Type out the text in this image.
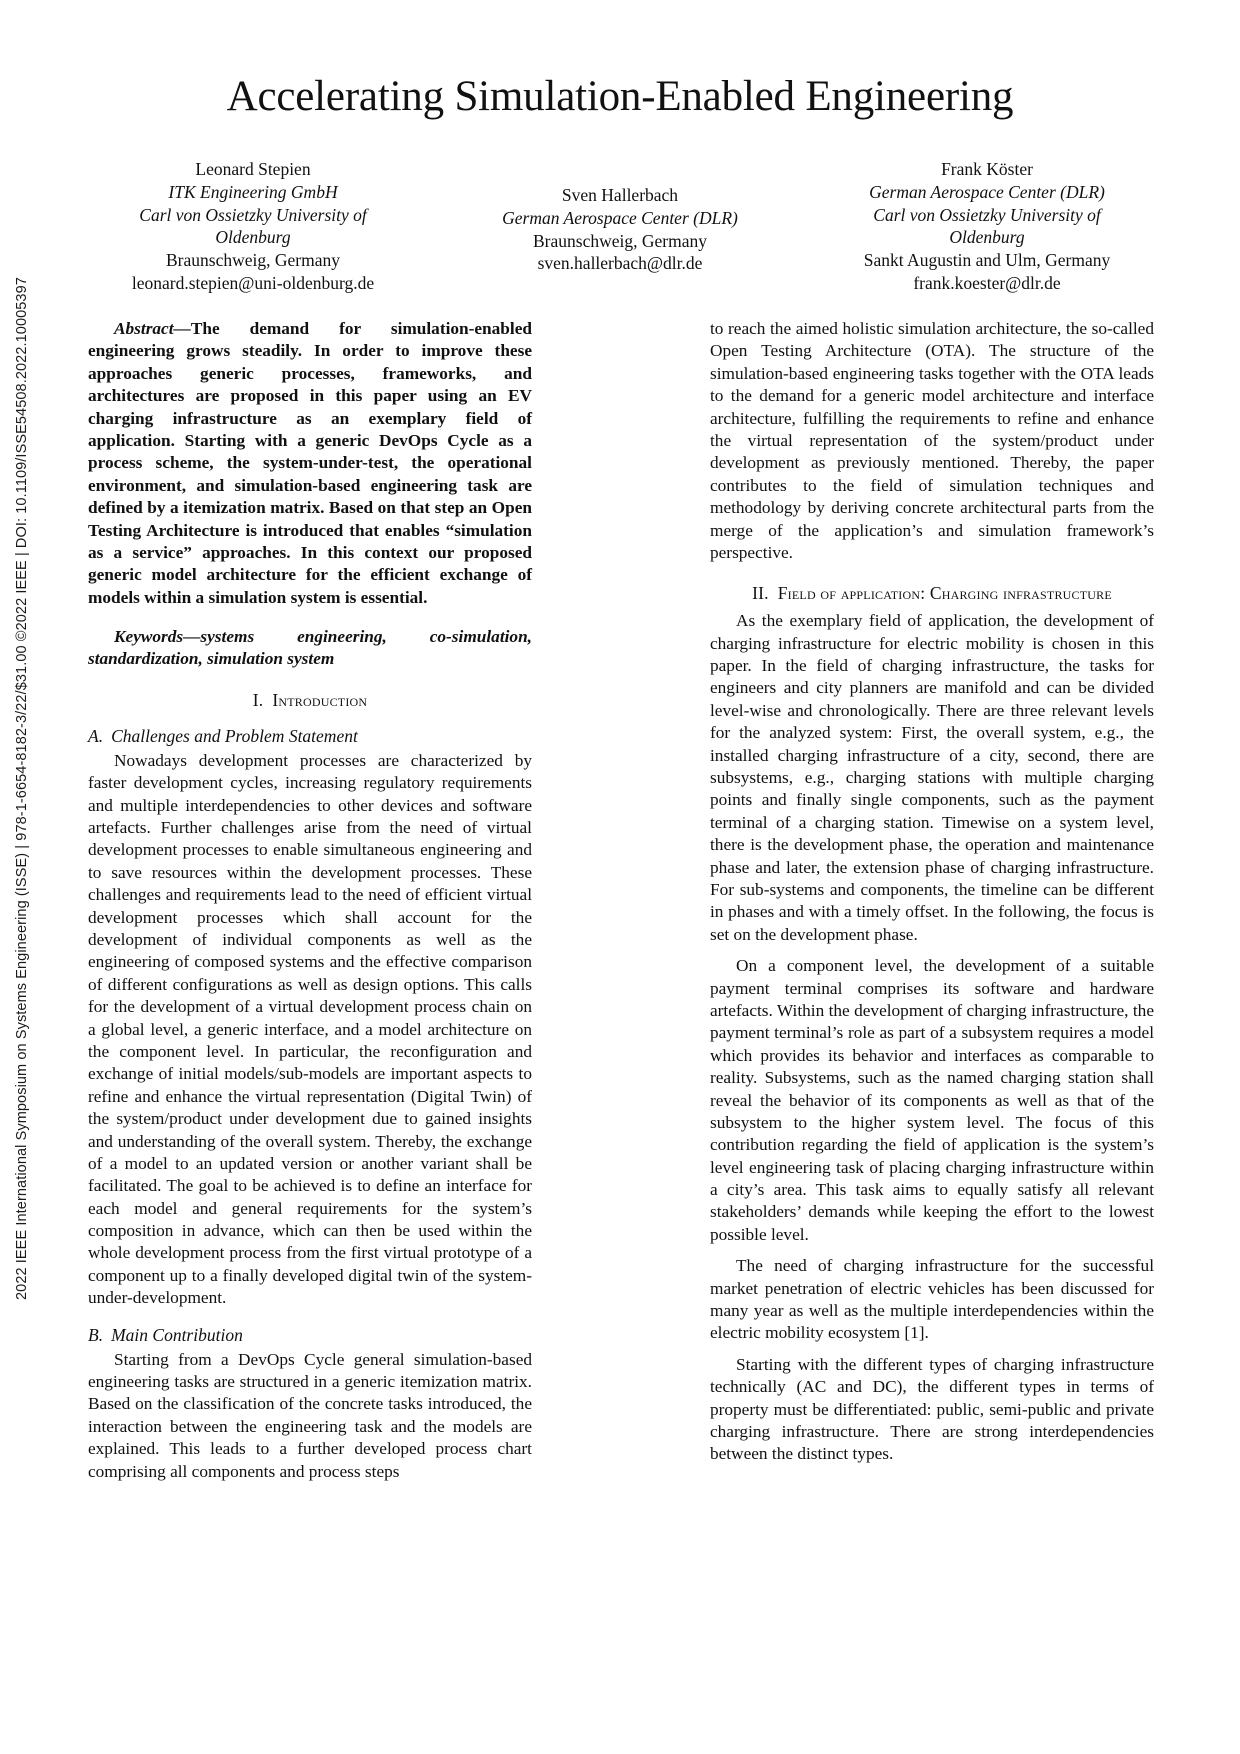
2022 IEEE International Symposium on Systems Engineering (ISSE) | 978-1-6654-8182-3/22/$31.00 ©2022 IEEE | DOI: 10.1109/ISSE54508.2022.10005397
Accelerating Simulation-Enabled Engineering
Leonard Stepien
ITK Engineering GmbH
Carl von Ossietzky University of
Oldenburg
Braunschweig, Germany
leonard.stepien@uni-oldenburg.de
Sven Hallerbach
German Aerospace Center (DLR)
Braunschweig, Germany
sven.hallerbach@dlr.de
Frank Köster
German Aerospace Center (DLR)
Carl von Ossietzky University of
Oldenburg
Sankt Augustin and Ulm, Germany
frank.koester@dlr.de

Abstract—The demand for simulation-enabled engineering grows steadily. In order to improve these approaches generic processes, frameworks, and architectures are proposed in this paper using an EV charging infrastructure as an exemplary field of application. Starting with a generic DevOps Cycle as a process scheme, the system-under-test, the operational environment, and simulation-based engineering task are defined by a itemization matrix. Based on that step an Open Testing Architecture is introduced that enables “simulation as a service” approaches. In this context our proposed generic model architecture for the efficient exchange of models within a simulation system is essential.

Keywords—systems engineering, co-simulation, standardization, simulation system

I. Introduction
A. Challenges and Problem Statement

Nowadays development processes are characterized by faster development cycles, increasing regulatory requirements and multiple interdependencies to other devices and software artefacts. Further challenges arise from the need of virtual development processes to enable simultaneous engineering and to save resources within the development processes. These challenges and requirements lead to the need of efficient virtual development processes which shall account for the development of individual components as well as the engineering of composed systems and the effective comparison of different configurations as well as design options. This calls for the development of a virtual development process chain on a global level, a generic interface, and a model architecture on the component level. In particular, the reconfiguration and exchange of initial models/sub-models are important aspects to refine and enhance the virtual representation (Digital Twin) of the system/product under development due to gained insights and understanding of the overall system. Thereby, the exchange of a model to an updated version or another variant shall be facilitated. The goal to be achieved is to define an interface for each model and general requirements for the system’s composition in advance, which can then be used within the whole development process from the first virtual prototype of a component up to a finally developed digital twin of the system-under-development.

B. Main Contribution

Starting from a DevOps Cycle general simulation-based engineering tasks are structured in a generic itemization matrix. Based on the classification of the concrete tasks introduced, the interaction between the engineering task and the models are explained. This leads to a further developed process chart comprising all components and process steps

to reach the aimed holistic simulation architecture, the so-called Open Testing Architecture (OTA). The structure of the simulation-based engineering tasks together with the OTA leads to the demand for a generic model architecture and interface architecture, fulfilling the requirements to refine and enhance the virtual representation of the system/product under development as previously mentioned. Thereby, the paper contributes to the field of simulation techniques and methodology by deriving concrete architectural parts from the merge of the application’s and simulation framework’s perspective.

II. Field of application: Charging infrastructure

As the exemplary field of application, the development of charging infrastructure for electric mobility is chosen in this paper. In the field of charging infrastructure, the tasks for engineers and city planners are manifold and can be divided level-wise and chronologically. There are three relevant levels for the analyzed system: First, the overall system, e.g., the installed charging infrastructure of a city, second, there are subsystems, e.g., charging stations with multiple charging points and finally single components, such as the payment terminal of a charging station. Timewise on a system level, there is the development phase, the operation and maintenance phase and later, the extension phase of charging infrastructure. For sub-systems and components, the timeline can be different in phases and with a timely offset. In the following, the focus is set on the development phase.

On a component level, the development of a suitable payment terminal comprises its software and hardware artefacts. Within the development of charging infrastructure, the payment terminal’s role as part of a subsystem requires a model which provides its behavior and interfaces as comparable to reality. Subsystems, such as the named charging station shall reveal the behavior of its components as well as that of the subsystem to the higher system level. The focus of this contribution regarding the field of application is the system’s level engineering task of placing charging infrastructure within a city’s area. This task aims to equally satisfy all relevant stakeholders’ demands while keeping the effort to the lowest possible level.

The need of charging infrastructure for the successful market penetration of electric vehicles has been discussed for many year as well as the multiple interdependencies within the electric mobility ecosystem [1].

Starting with the different types of charging infrastructure technically (AC and DC), the different types in terms of property must be differentiated: public, semi-public and private charging infrastructure. There are strong interdependencies between the distinct types.
